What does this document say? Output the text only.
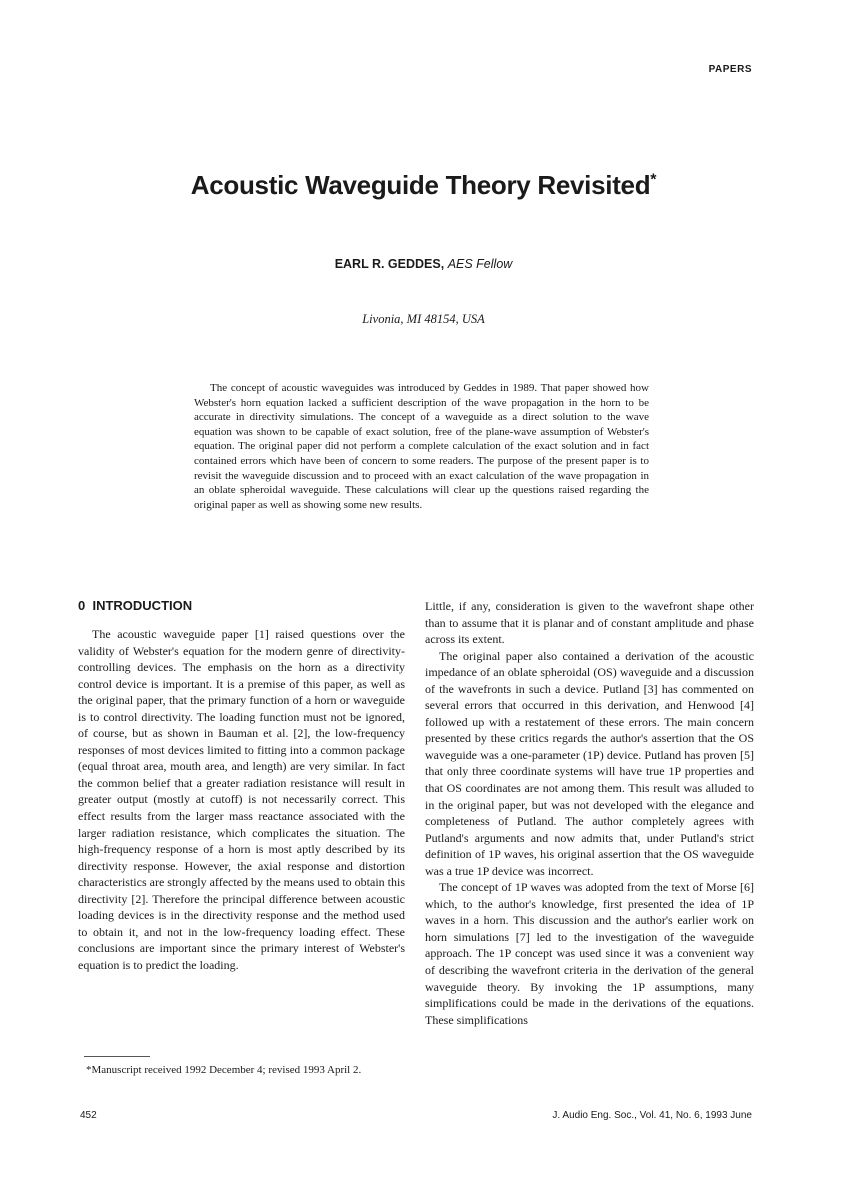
PAPERS
Acoustic Waveguide Theory Revisited*
EARL R. GEDDES, AES Fellow
Livonia, MI 48154, USA

The concept of acoustic waveguides was introduced by Geddes in 1989. That paper showed how Webster's horn equation lacked a sufficient description of the wave propagation in the horn to be accurate in directivity simulations. The concept of a waveguide as a direct solution to the wave equation was shown to be capable of exact solution, free of the plane-wave assumption of Webster's equation. The original paper did not perform a complete calculation of the exact solution and in fact contained errors which have been of concern to some readers. The purpose of the present paper is to revisit the waveguide discussion and to proceed with an exact calculation of the wave propagation in an oblate spheroidal waveguide. These calculations will clear up the questions raised regarding the original paper as well as showing some new results.

0 INTRODUCTION

The acoustic waveguide paper [1] raised questions over the validity of Webster's equation for the modern genre of directivity-controlling devices. The emphasis on the horn as a directivity control device is important. It is a premise of this paper, as well as the original paper, that the primary function of a horn or waveguide is to control directivity. The loading function must not be ignored, of course, but as shown in Bauman et al. [2], the low-frequency responses of most devices limited to fitting into a common package (equal throat area, mouth area, and length) are very similar. In fact the common belief that a greater radiation resistance will result in greater output (mostly at cutoff) is not necessarily correct. This effect results from the larger mass reactance associated with the larger radiation resistance, which complicates the situation. The high-frequency response of a horn is most aptly described by its directivity response. However, the axial response and distortion characteristics are strongly affected by the means used to obtain this directivity [2]. Therefore the principal difference between acoustic loading devices is in the directivity response and the method used to obtain it, and not in the low-frequency loading effect. These conclusions are important since the primary interest of Webster's equation is to predict the loading.

Little, if any, consideration is given to the wavefront shape other than to assume that it is planar and of constant amplitude and phase across its extent.

The original paper also contained a derivation of the acoustic impedance of an oblate spheroidal (OS) waveguide and a discussion of the wavefronts in such a device. Putland [3] has commented on several errors that occurred in this derivation, and Henwood [4] followed up with a restatement of these errors. The main concern presented by these critics regards the author's assertion that the OS waveguide was a one-parameter (1P) device. Putland has proven [5] that only three coordinate systems will have true 1P properties and that OS coordinates are not among them. This result was alluded to in the original paper, but was not developed with the elegance and completeness of Putland. The author completely agrees with Putland's arguments and now admits that, under Putland's strict definition of 1P waves, his original assertion that the OS waveguide was a true 1P device was incorrect.

The concept of 1P waves was adopted from the text of Morse [6] which, to the author's knowledge, first presented the idea of 1P waves in a horn. This discussion and the author's earlier work on horn simulations [7] led to the investigation of the waveguide approach. The 1P concept was used since it was a convenient way of describing the wavefront criteria in the derivation of the general waveguide theory. By invoking the 1P assumptions, many simplifications could be made in the derivations of the equations. These simplifications

*Manuscript received 1992 December 4; revised 1993 April 2.

452	J. Audio Eng. Soc., Vol. 41, No. 6, 1993 June
